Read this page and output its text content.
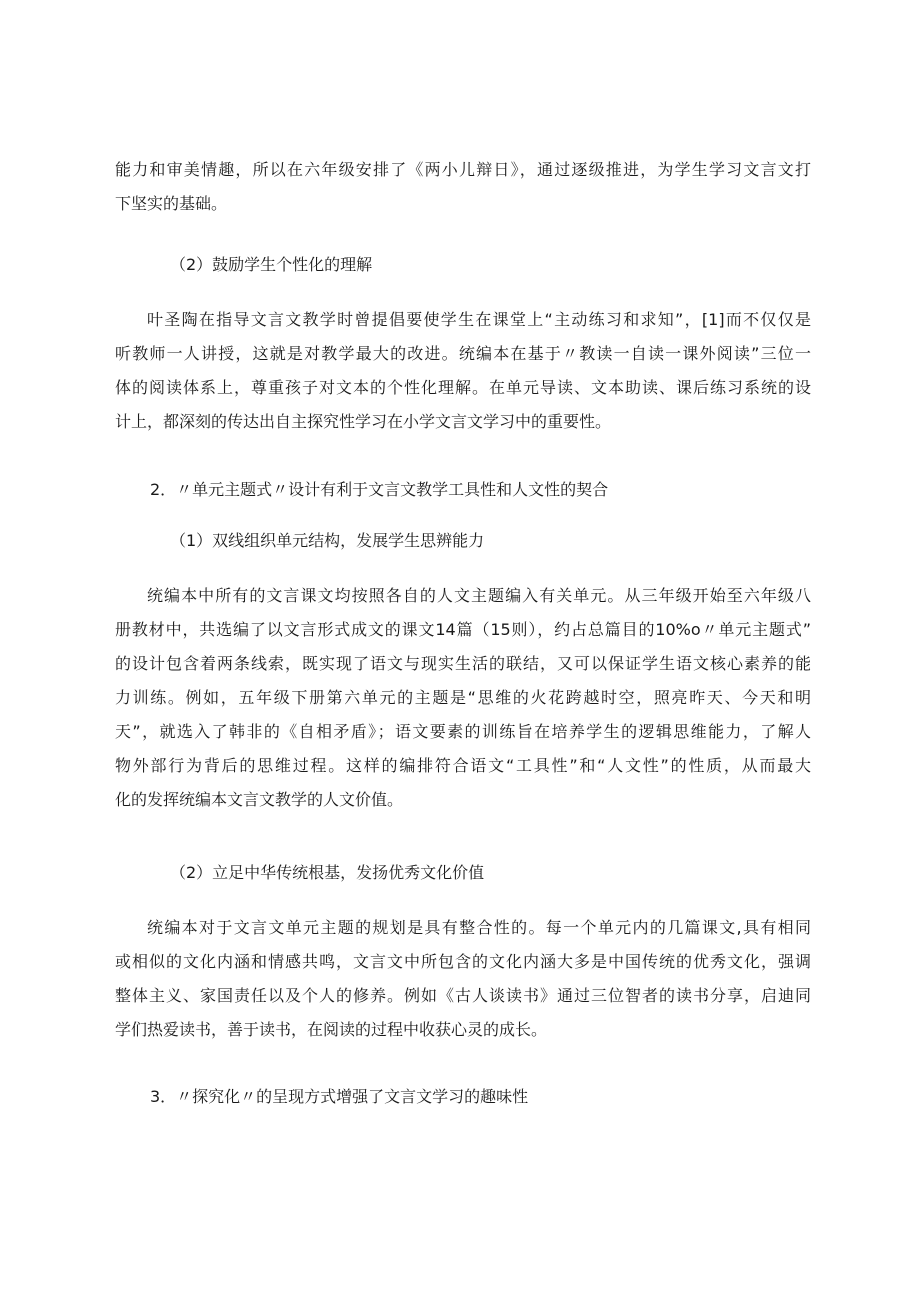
能力和审美情趣，所以在六年级安排了《两小儿辩日》，通过逐级推进，为学生学习文言文打
下坚实的基础。
（2）鼓励学生个性化的理解
叶圣陶在指导文言文教学时曾提倡要使学生在课堂上“主动练习和求知”，[1]而不仅仅是
听教师一人讲授，这就是对教学最大的改进。统编本在基于〃教读一自读一课外阅读”三位一
体的阅读体系上，尊重孩子对文本的个性化理解。在单元导读、文本助读、课后练习系统的设
计上，都深刻的传达出自主探究性学习在小学文言文学习中的重要性。
2．〃单元主题式〃设计有利于文言文教学工具性和人文性的契合
（1）双线组织单元结构，发展学生思辨能力
统编本中所有的文言课文均按照各自的人文主题编入有关单元。从三年级开始至六年级八
册教材中，共选编了以文言形式成文的课文14篇（15则），约占总篇目的10%o〃单元主题式”
的设计包含着两条线索，既实现了语文与现实生活的联结，又可以保证学生语文核心素养的能
力训练。例如，五年级下册第六单元的主题是“思维的火花跨越时空，照亮昨天、今天和明
天”，就选入了韩非的《自相矛盾》；语文要素的训练旨在培养学生的逻辑思维能力，了解人
物外部行为背后的思维过程。这样的编排符合语文“工具性”和“人文性”的性质，从而最大
化的发挥统编本文言文教学的人文价值。
（2）立足中华传统根基，发扬优秀文化价值
统编本对于文言文单元主题的规划是具有整合性的。每一个单元内的几篇课文,具有相同
或相似的文化内涵和情感共鸣，文言文中所包含的文化内涵大多是中国传统的优秀文化，强调
整体主义、家国责任以及个人的修养。例如《古人谈读书》通过三位智者的读书分享，启迪同
学们热爱读书，善于读书，在阅读的过程中收获心灵的成长。
3．〃探究化〃的呈现方式增强了文言文学习的趣味性
